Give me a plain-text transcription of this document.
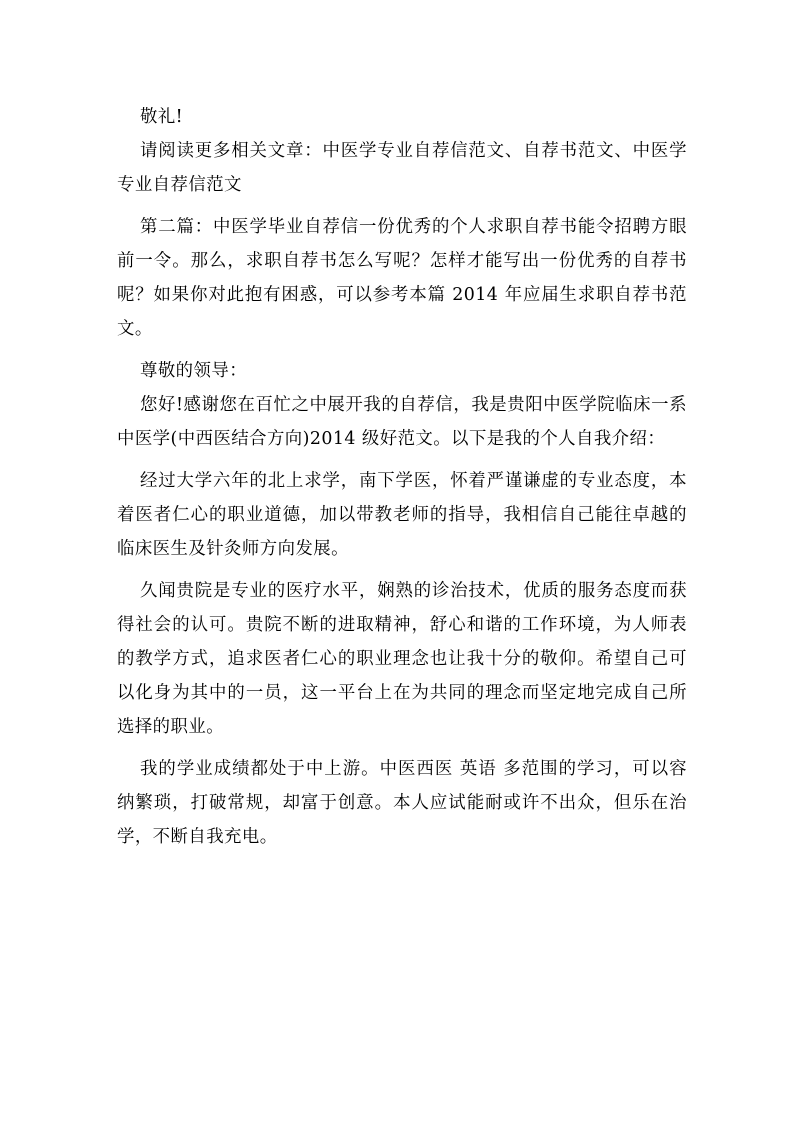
敬礼!

请阅读更多相关文章：中医学专业自荐信范文、自荐书范文、中医学专业自荐信范文

第二篇：中医学毕业自荐信一份优秀的个人求职自荐书能令招聘方眼前一令。那么，求职自荐书怎么写呢？怎样才能写出一份优秀的自荐书呢？如果你对此抱有困惑，可以参考本篇 2014 年应届生求职自荐书范文。

尊敬的领导：

您好!感谢您在百忙之中展开我的自荐信，我是贵阳中医学院临床一系中医学(中西医结合方向)2014 级好范文。以下是我的个人自我介绍：

经过大学六年的北上求学，南下学医，怀着严谨谦虚的专业态度，本着医者仁心的职业道德，加以带教老师的指导，我相信自己能往卓越的临床医生及针灸师方向发展。

久闻贵院是专业的医疗水平，娴熟的诊治技术，优质的服务态度而获得社会的认可。贵院不断的进取精神，舒心和谐的工作环境，为人师表的教学方式，追求医者仁心的职业理念也让我十分的敬仰。希望自己可以化身为其中的一员，这一平台上在为共同的理念而坚定地完成自己所选择的职业。

我的学业成绩都处于中上游。中医西医 英语 多范围的学习，可以容纳繁琐，打破常规，却富于创意。本人应试能耐或许不出众，但乐在治学，不断自我充电。
